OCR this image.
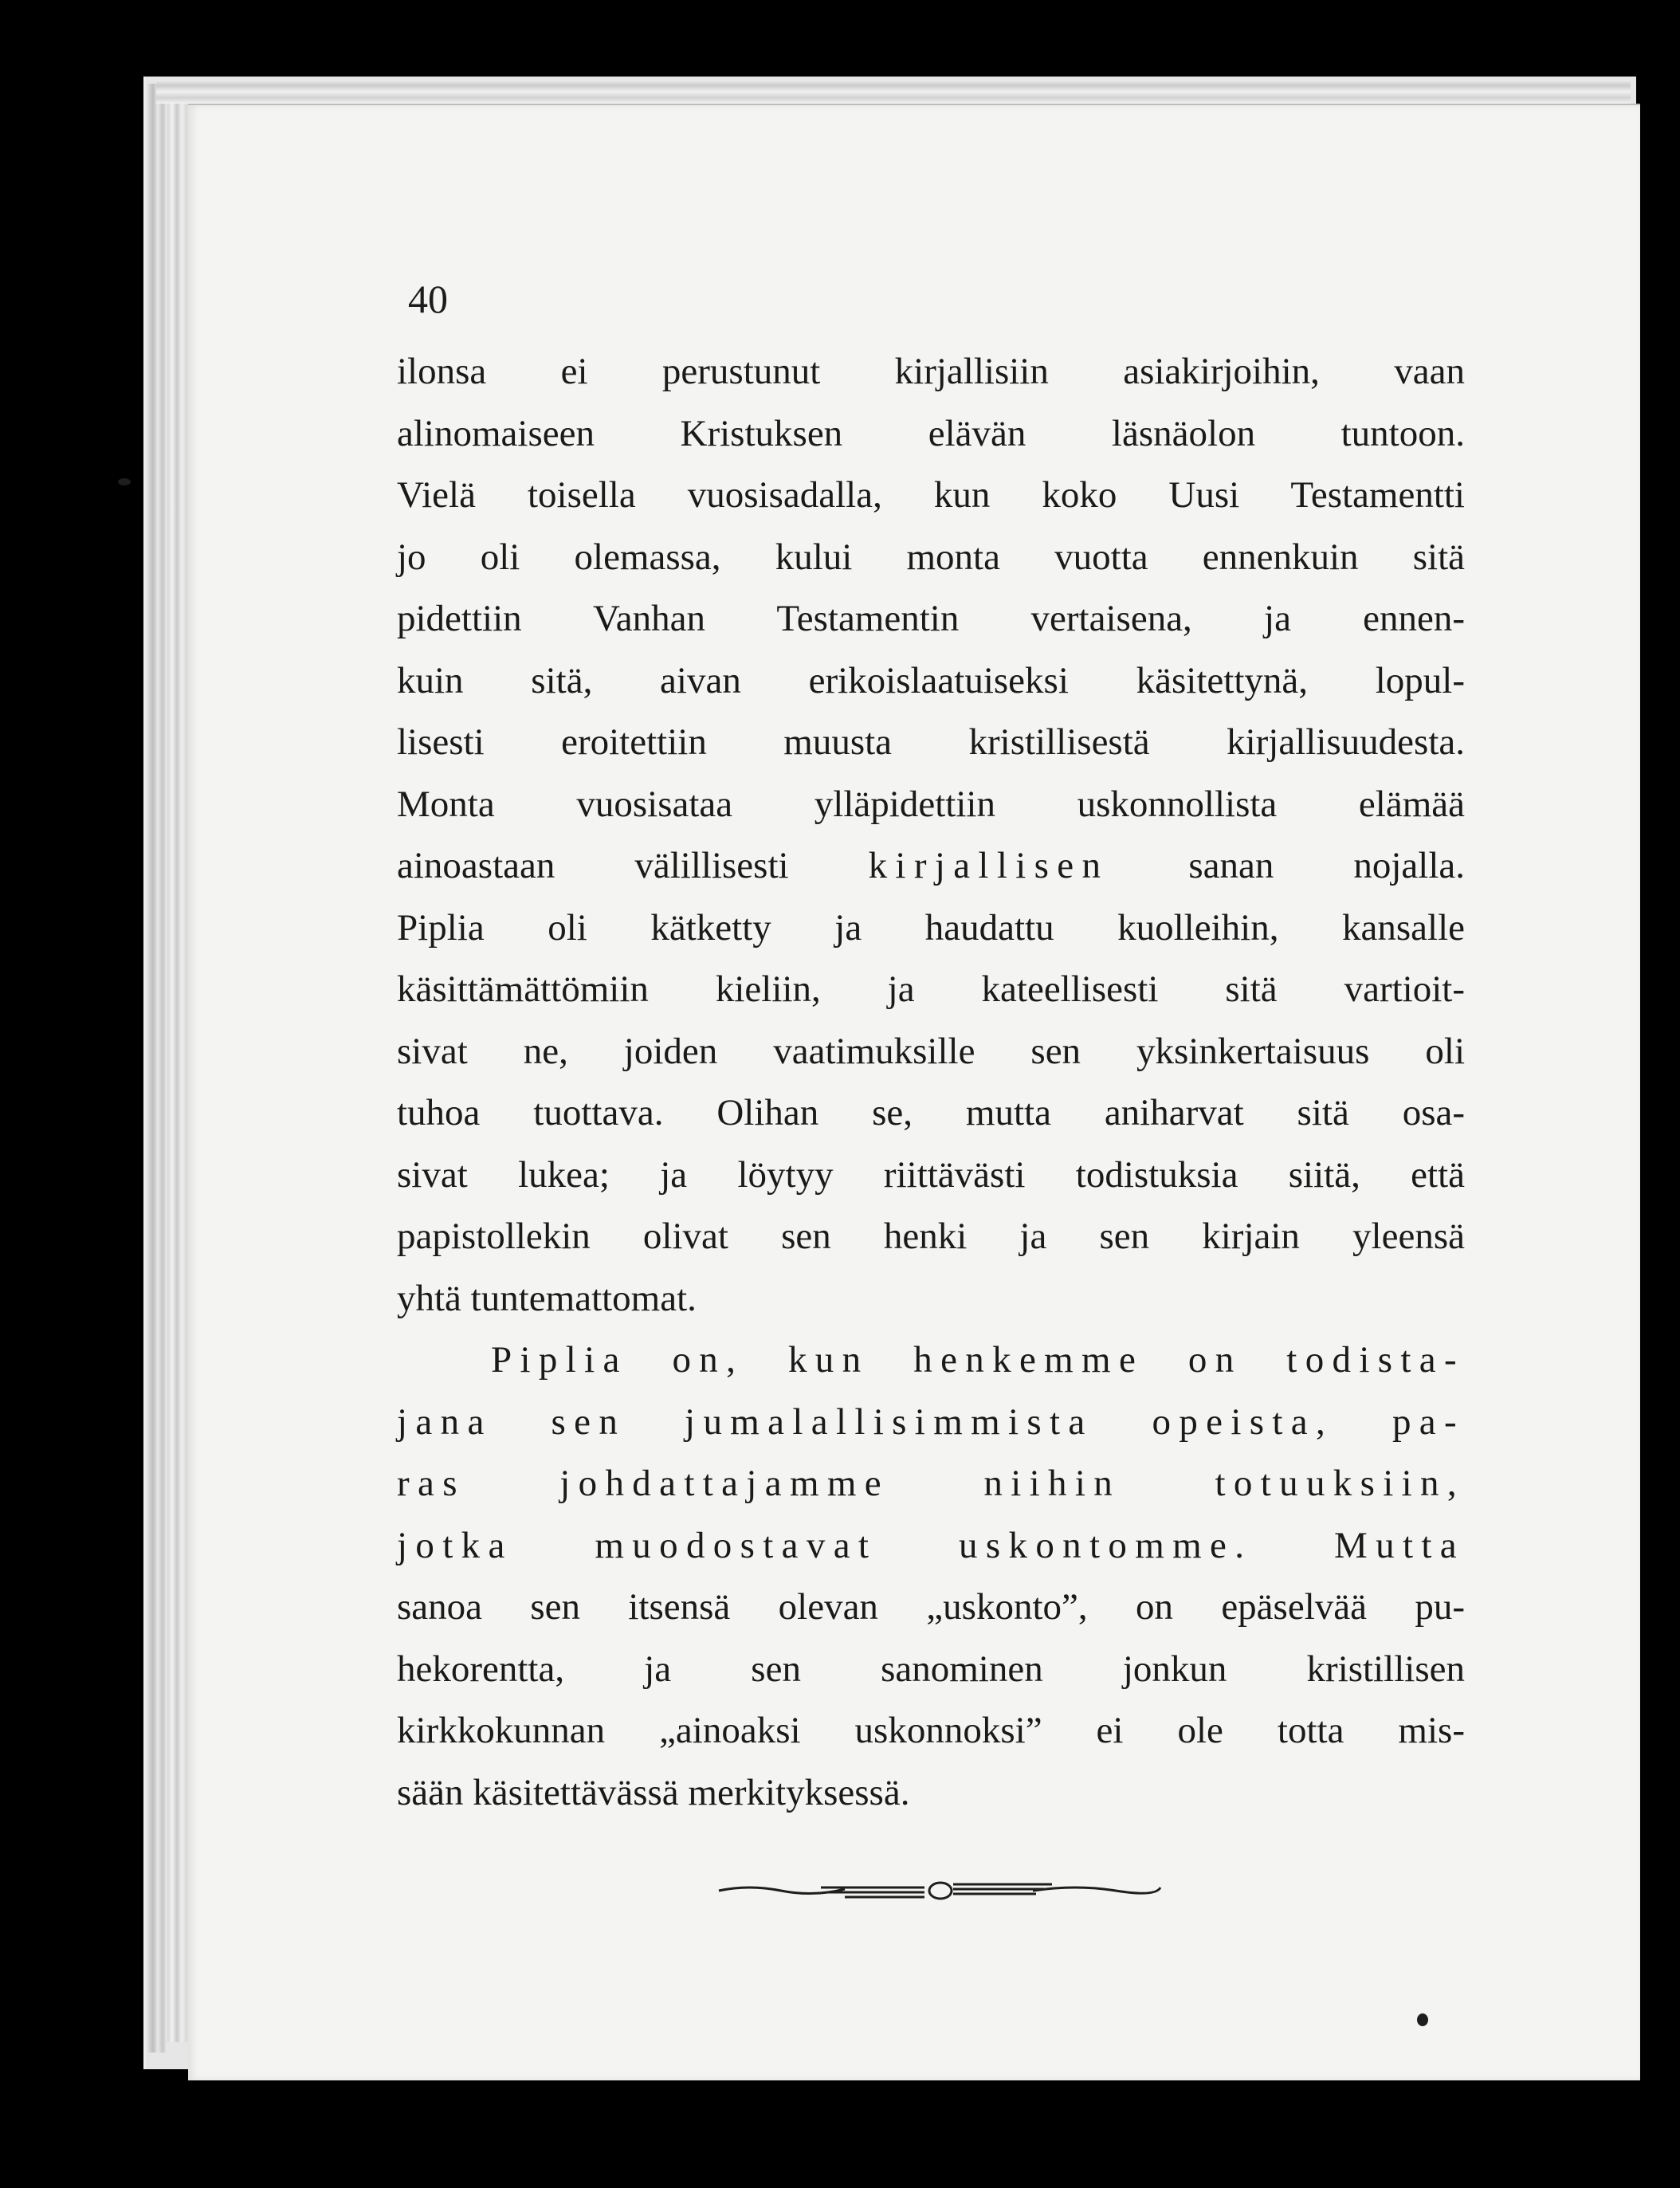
40
ilonsa ei perustunut kirjallisiin asiakirjoihin, vaan
alinomaiseen Kristuksen elävän läsnäolon tuntoon.
Vielä toisella vuosisadalla, kun koko Uusi Testamentti
jo oli olemassa, kului monta vuotta ennenkuin sitä
pidettiin Vanhan Testamentin vertaisena, ja ennen-
kuin sitä, aivan erikoislaatuiseksi käsitettynä, lopul-
lisesti eroitettiin muusta kristillisestä kirjallisuudesta.
Monta vuosisataa ylläpidettiin uskonnollista elämää
ainoastaan välillisesti kirjallisen sanan nojalla.
Piplia oli kätketty ja haudattu kuolleihin, kansalle
käsittämättömiin kieliin, ja kateellisesti sitä vartioit-
sivat ne, joiden vaatimuksille sen yksinkertaisuus oli
tuhoa tuottava. Olihan se, mutta aniharvat sitä osa-
sivat lukea; ja löytyy riittävästi todistuksia siitä, että
papistollekin olivat sen henki ja sen kirjain yleensä
yhtä tuntemattomat.
Piplia on, kun henkemme on todista-
jana sen jumalallisimmista opeista, pa-
ras johdattajamme niihin totuuksiin,
jotka muodostavat uskontomme. Mutta
sanoa sen itsensä olevan „uskonto”, on epäselvää pu-
hekorentta, ja sen sanominen jonkun kristillisen
kirkkokunnan „ainoaksi uskonnoksi” ei ole totta mis-
sään käsitettävässä merkityksessä.
